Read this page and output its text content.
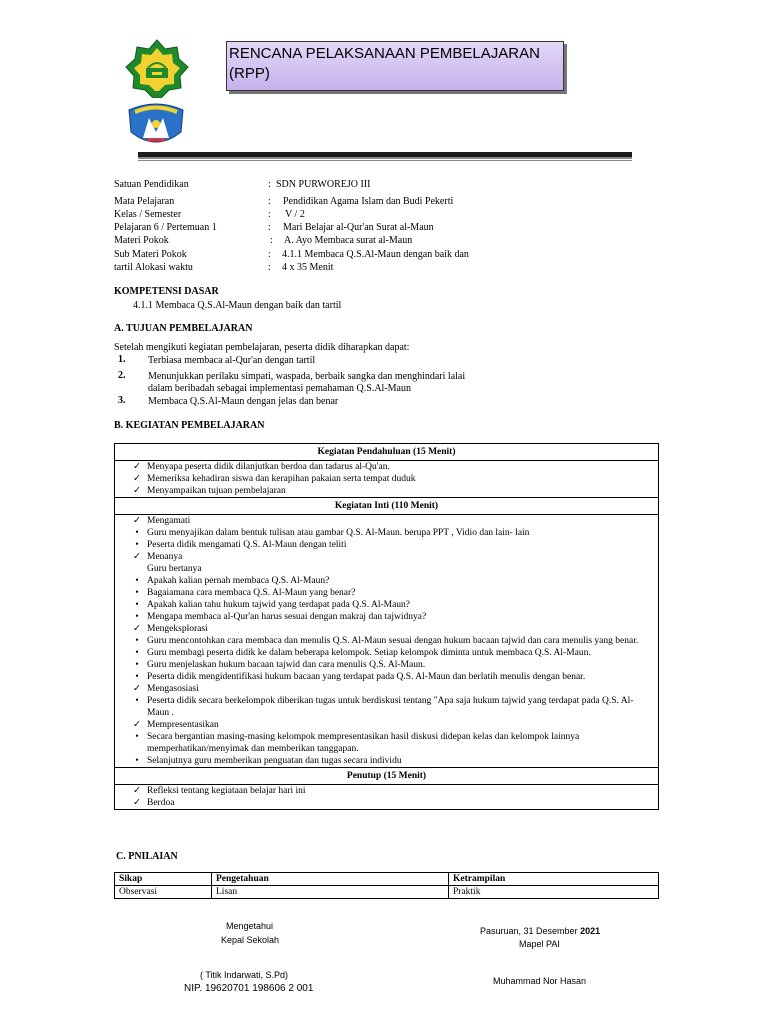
RENCANA PELAKSANAAN PEMBELAJARAN
(RPP)
Satuan Pendidikan	: SDN PURWOREJO III
Mata Pelajaran	: Pendidikan Agama Islam dan Budi Pekerti
Kelas / Semester	: V / 2
Pelajaran 6 / Pertemuan 1	: Mari Belajar al-Qur'an Surat al-Maun
Materi Pokok	: A. Ayo Membaca surat al-Maun
Sub Materi Pokok	: 4.1.1 Membaca Q.S.Al-Maun dengan baik dan
tartil Alokasi waktu	: 4 x 35 Menit
KOMPETENSI DASAR
4.1.1 Membaca Q.S.Al-Maun dengan baik dan tartil
A. TUJUAN PEMBELAJARAN
Setelah mengikuti kegiatan pembelajaran, peserta didik diharapkan dapat:
1. Terbiasa membaca al-Qur'an dengan tartil
2. Menunjukkan perilaku simpati, waspada, berbaik sangka dan menghindari lalai
dalam beribadah sebagai implementasi pemahaman Q.S.Al-Maun
3. Membaca Q.S.Al-Maun dengan jelas dan benar
B. KEGIATAN PEMBELAJARAN
Kegiatan Pendahuluan (15 Menit)

✓ Menyapa peserta didik dilanjutkan berdoa dan tadarus al-Qu'an.
✓ Memeriksa kehadiran siswa dan kerapihan pakaian serta tempat duduk
✓ Menyampaikan tujuan pembelajaran

Kegiatan Inti (110 Menit)

✓ Mengamati
• Guru menyajikan dalam bentuk tulisan atau gambar Q.S. Al-Maun. berupa PPT , Vidio dan lain- lain
• Peserta didik mengamati Q.S. Al-Maun dengan teliti
✓ Menanya
Guru bertanya
• Apakah kalian pernah membaca Q.S. Al-Maun?
• Bagaiamana cara membaca Q.S. Al-Maun yang benar?
• Apakah kalian tahu hukum tajwid yang terdapat pada Q.S. Al-Maun?
• Mengapa membaca al-Qur'an harus sesuai dengan makraj dan tajwidnya?
✓ Mengeksplorasi
• Guru mencontohkan cara membaca dan menulis Q.S. Al-Maun sesuai dengan hukum bacaan tajwid dan cara menulis yang benar.
• Guru membagi peserta didik ke dalam beberapa kelompok. Setiap kelompok diminta untuk membaca Q.S. Al-Maun.
• Guru menjelaskan hukum bacaan tajwid dan cara menulis Q.S. Al-Maun.
• Peserta didik mengidentifikasi hukum bacaan yang terdapat pada Q.S. Al-Maun dan berlatih menulis dengan benar.
✓ Mengasosiasi
• Peserta didik secara berkelompok diberikan tugas untuk berdiskusi tentang "Apa saja hukum tajwid yang terdapat pada Q.S. Al-Maun .
✓ Mempresentasikan
• Secara bergantian masing-masing kelompok mempresentasikan hasil diskusi didepan kelas dan kelompok lainnya memperhatikan/menyimak dan memberikan tanggapan.
• Selanjutnya guru memberikan penguatan dan tugas secara individu

Penutup (15 Menit)

✓ Refleksi tentang kegiataan belajar hari ini
✓ Berdoa
C. PNILAIAN
Sikap	Pengetahuan	Ketrampilan
Observasi	Lisan	Praktik
Mengetahui
Kepal Sekolah
( Titik Indarwati, S.Pd)
NIP. 19620701 198606 2 001
Pasuruan, 31 Desember 2021
Mapel PAI
Muhammad Nor Hasan
